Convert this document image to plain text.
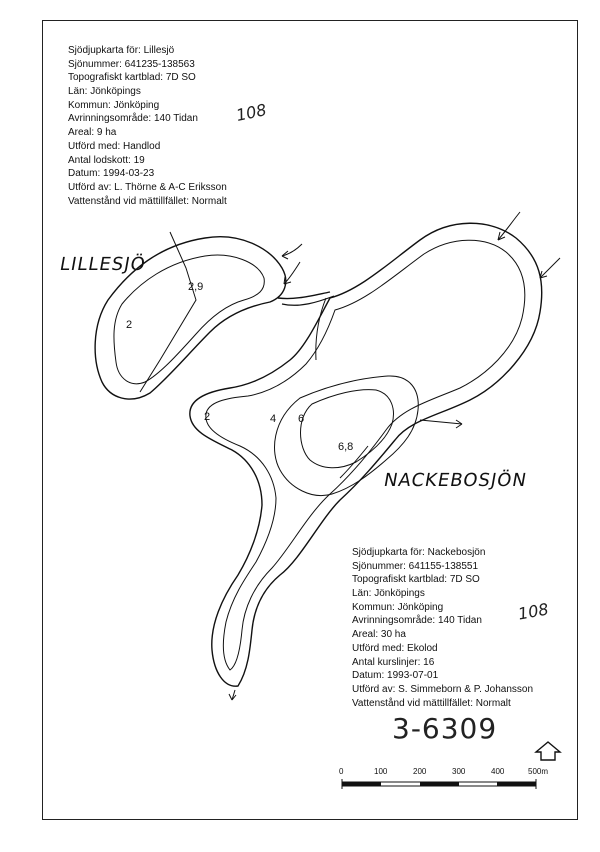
Sjödjupkarta för: Lillesjö
Sjönummer: 641235-138563
Topografiskt kartblad: 7D SO
Län: Jönköpings
Kommun: Jönköping
Avrinningsområde: 140 Tidan
Areal: 9 ha
Utförd med: Handlod
Antal lodskott: 19
Datum: 1994-03-23
Utförd av: L. Thörne & A-C Eriksson
Vattenstånd vid mättillfället: Normalt
108
Sjödjupkarta för: Nackebosjön
Sjönummer: 641155-138551
Topografiskt kartblad: 7D SO
Län: Jönköpings
Kommun: Jönköping
Avrinningsområde: 140 Tidan
Areal: 30 ha
Utförd med: Ekolod
Antal kurslinjer: 16
Datum: 1993-07-01
Utförd av: S. Simmeborn & P. Johansson
Vattenstånd vid mättillfället: Normalt
108
LILLESJÖ
NACKEBOSJÖN
3-6309
2,9
2
2	4 6
6,8
0	100	200	300	400	500m
